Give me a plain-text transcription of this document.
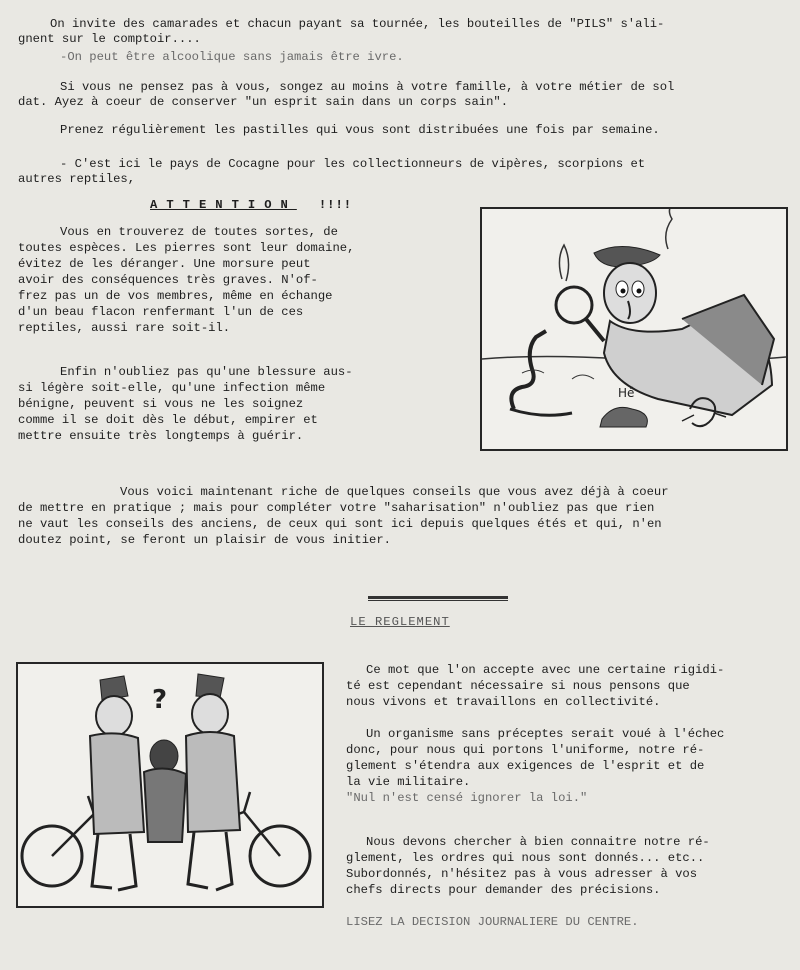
On invite des camarades et chacun payant sa tournée, les bouteilles de "PILS" s'ali-

gnent sur le comptoir....

-On peut être alcoolique sans jamais être ivre.

Si vous ne pensez pas à vous, songez au moins à votre famille, à votre métier de sol

dat. Ayez à coeur de conserver "un esprit sain dans un corps sain".

Prenez régulièrement les pastilles qui vous sont distribuées une fois par semaine.

- C'est ici le pays de Cocagne pour les collectionneurs de vipères, scorpions et

autres reptiles,

ATTENTION !!!!

Vous en trouverez de toutes sortes, de

toutes espèces. Les pierres sont leur domaine,

évitez de les déranger. Une morsure peut

avoir des conséquences très graves. N'of-

frez pas un de vos membres, même en échange

d'un beau flacon renfermant l'un de ces

reptiles, aussi rare soit-il.

Enfin n'oubliez pas qu'une blessure aus-

si légère soit-elle, qu'une infection même

bénigne, peuvent si vous ne les soignez

comme il se doit dès le début, empirer et

mettre ensuite très longtemps à guérir.

Hé

Vous voici maintenant riche de quelques conseils que vous avez déjà à coeur

de mettre en pratique ; mais pour compléter votre "saharisation" n'oubliez pas que rien

ne vaut les conseils des anciens, de ceux qui sont ici depuis quelques étés et qui, n'en

doutez point, se feront un plaisir de vous initier.

LE REGLEMENT

?

Ce mot que l'on accepte avec une certaine rigidi-

té est cependant nécessaire si nous pensons que

nous vivons et travaillons en collectivité.

Un organisme sans préceptes serait voué à l'échec

donc, pour nous qui portons l'uniforme, notre ré-

glement s'étendra aux exigences de l'esprit et de

la vie militaire.

"Nul n'est censé ignorer la loi."

Nous devons chercher à bien connaitre notre ré-

glement, les ordres qui nous sont donnés... etc..

Subordonnés, n'hésitez pas à vous adresser à vos

chefs directs pour demander des précisions.

LISEZ LA DECISION JOURNALIERE DU CENTRE.
